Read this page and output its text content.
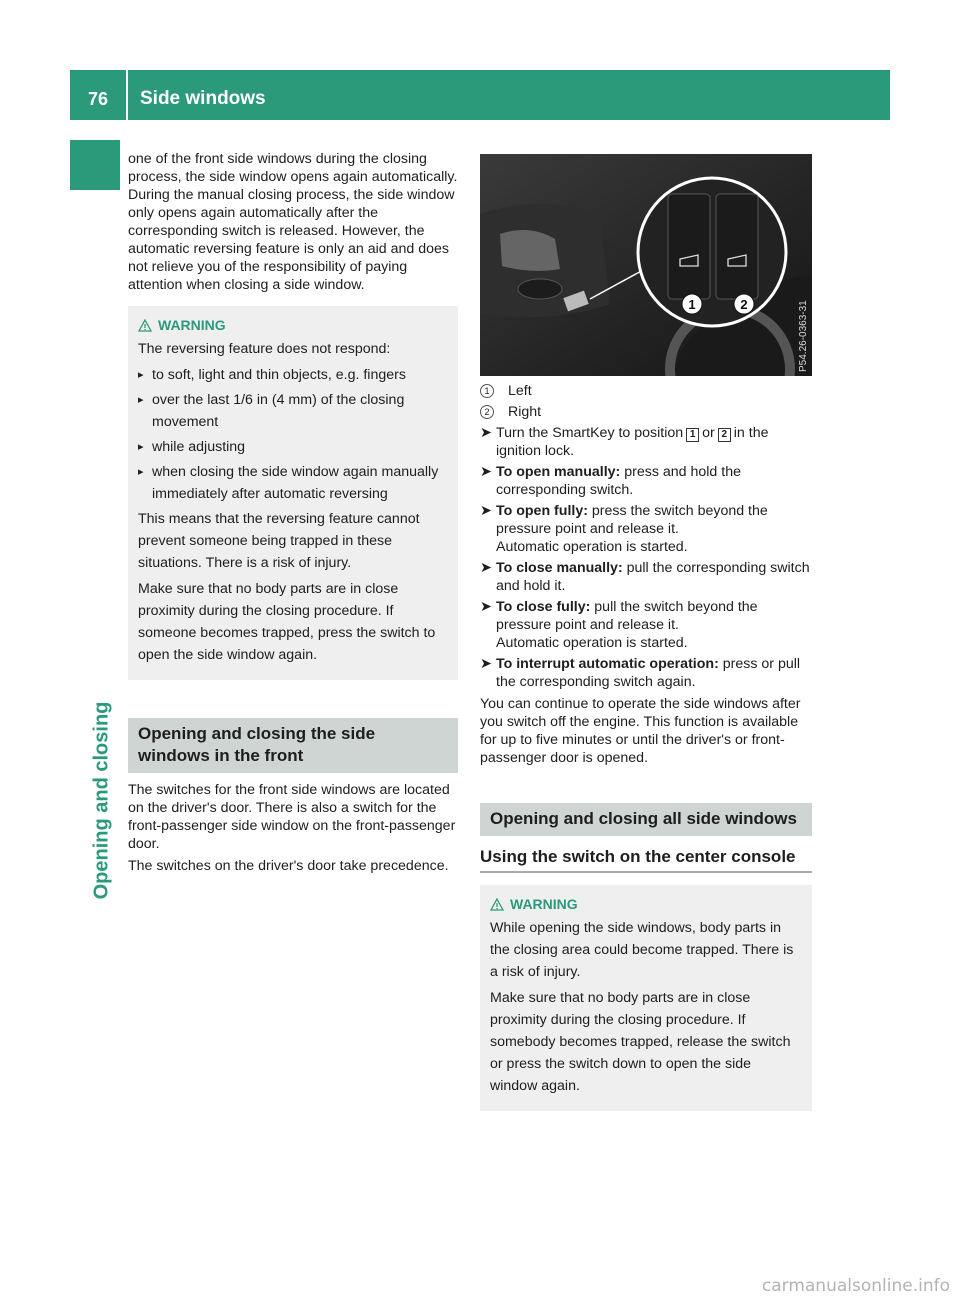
76	Side windows
Opening and closing

one of the front side windows during the closing process, the side window opens again automatically. During the manual closing process, the side window only opens again automatically after the corresponding switch is released. However, the automatic reversing feature is only an aid and does not relieve you of the responsibility of paying attention when closing a side window.

WARNING

The reversing feature does not respond:

▸ to soft, light and thin objects, e.g. fingers
▸ over the last 1/6 in (4 mm) of the closing movement
▸ while adjusting
▸ when closing the side window again manually immediately after automatic reversing

This means that the reversing feature cannot prevent someone being trapped in these situations. There is a risk of injury.

Make sure that no body parts are in close proximity during the closing procedure. If someone becomes trapped, press the switch to open the side window again.

Opening and closing the side windows in the front

The switches for the front side windows are located on the driver's door. There is also a switch for the front-passenger side window on the front-passenger door.

The switches on the driver's door take precedence.

1	2	P54.26-0363-31
1	Left
2	Right
➤ Turn the SmartKey to position 1 or 2 in the ignition lock.
➤ To open manually: press and hold the corresponding switch.
➤ To open fully: press the switch beyond the pressure point and release it.
Automatic operation is started.
➤ To close manually: pull the corresponding switch and hold it.
➤ To close fully: pull the switch beyond the pressure point and release it.
Automatic operation is started.
➤ To interrupt automatic operation: press or pull the corresponding switch again.

You can continue to operate the side windows after you switch off the engine. This function is available for up to five minutes or until the driver's or front-passenger door is opened.

Opening and closing all side windows
Using the switch on the center console
WARNING

While opening the side windows, body parts in the closing area could become trapped. There is a risk of injury.

Make sure that no body parts are in close proximity during the closing procedure. If somebody becomes trapped, release the switch or press the switch down to open the side window again.

carmanualsonline.info
